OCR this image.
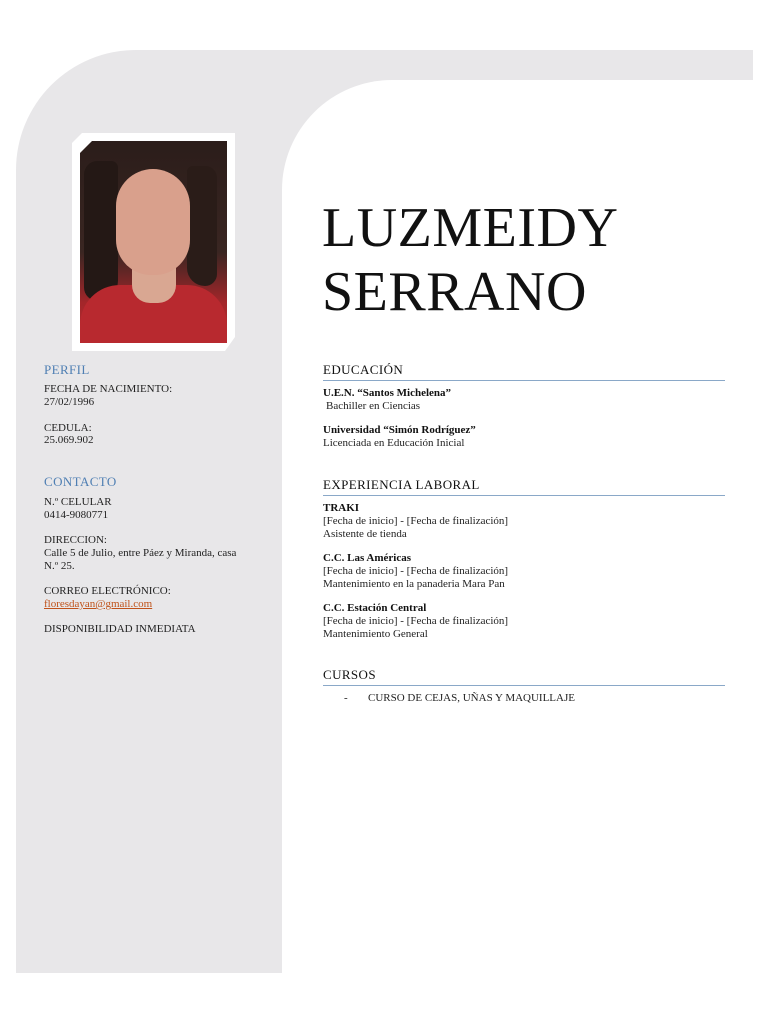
PERFIL
FECHA DE NACIMIENTO:
27/02/1996
CEDULA:
25.069.902
CONTACTO
N.º CELULAR
0414-9080771
DIRECCION:
Calle 5 de Julio, entre Páez y Miranda, casa
N.º 25.
CORREO ELECTRÓNICO:
floresdayan@gmail.com
DISPONIBILIDAD INMEDIATA
LUZMEIDY
SERRANO
EDUCACIÓN
U.E.N. “Santos Michelena”
Bachiller en Ciencias
Universidad “Simón Rodríguez”
Licenciada en Educación Inicial
EXPERIENCIA LABORAL
TRAKI
[Fecha de inicio] - [Fecha de finalización]
Asistente de tienda
C.C. Las Américas
[Fecha de inicio] - [Fecha de finalización]
Mantenimiento en la panaderia Mara Pan
C.C. Estación Central
[Fecha de inicio] - [Fecha de finalización]
Mantenimiento General
CURSOS
- CURSO DE CEJAS, UÑAS Y MAQUILLAJE
